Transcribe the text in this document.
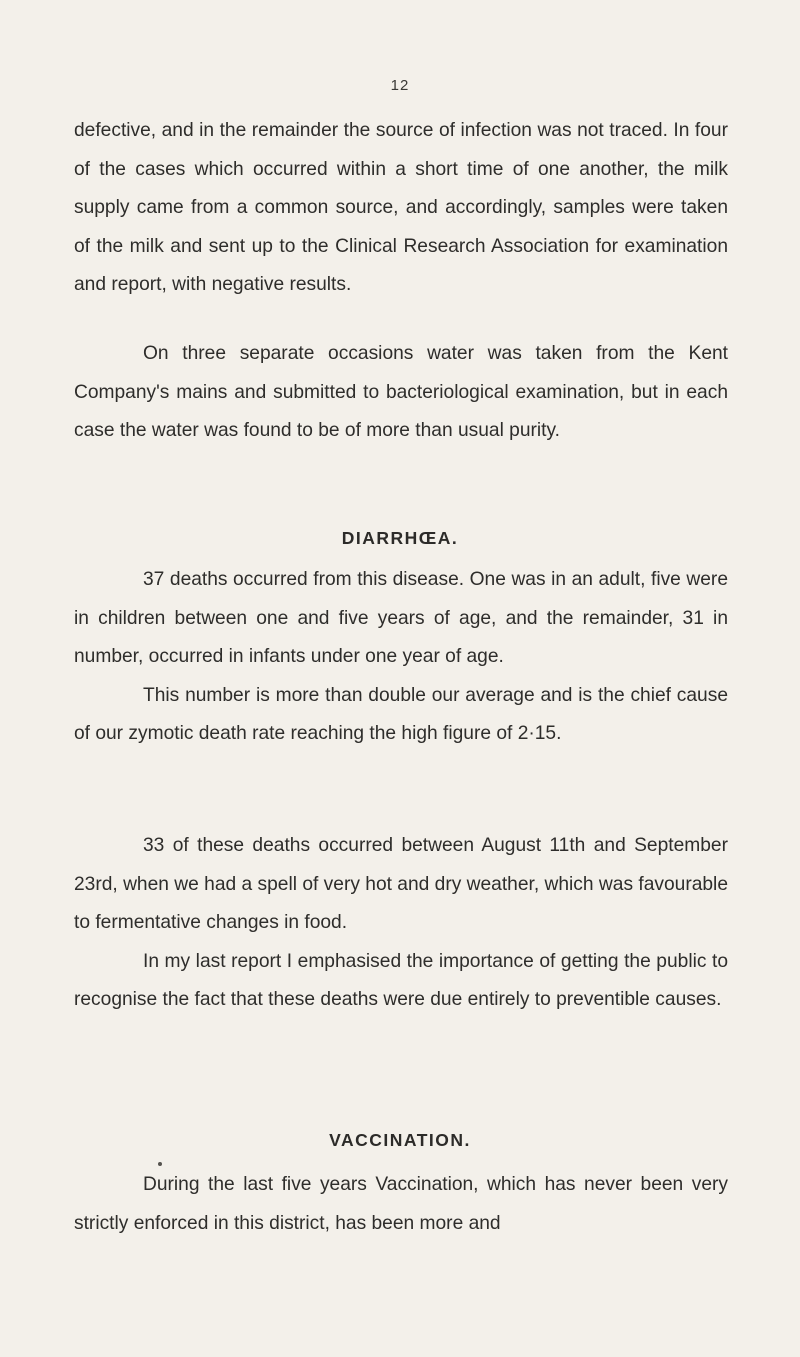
12

defective, and in the remainder the source of infection was not traced. In four of the cases which occurred within a short time of one another, the milk supply came from a common source, and accordingly, samples were taken of the milk and sent up to the Clinical Research Association for examination and report, with negative results.

On three separate occasions water was taken from the Kent Company's mains and submitted to bacteriological examination, but in each case the water was found to be of more than usual purity.

DIARRHŒA.

37 deaths occurred from this disease. One was in an adult, five were in children between one and five years of age, and the remainder, 31 in number, occurred in infants under one year of age.

This number is more than double our average and is the chief cause of our zymotic death rate reaching the high figure of 2·15.

33 of these deaths occurred between August 11th and September 23rd, when we had a spell of very hot and dry weather, which was favourable to fermentative changes in food.

In my last report I emphasised the importance of getting the public to recognise the fact that these deaths were due entirely to preventible causes.

VACCINATION.

During the last five years Vaccination, which has never been very strictly enforced in this district, has been more and
